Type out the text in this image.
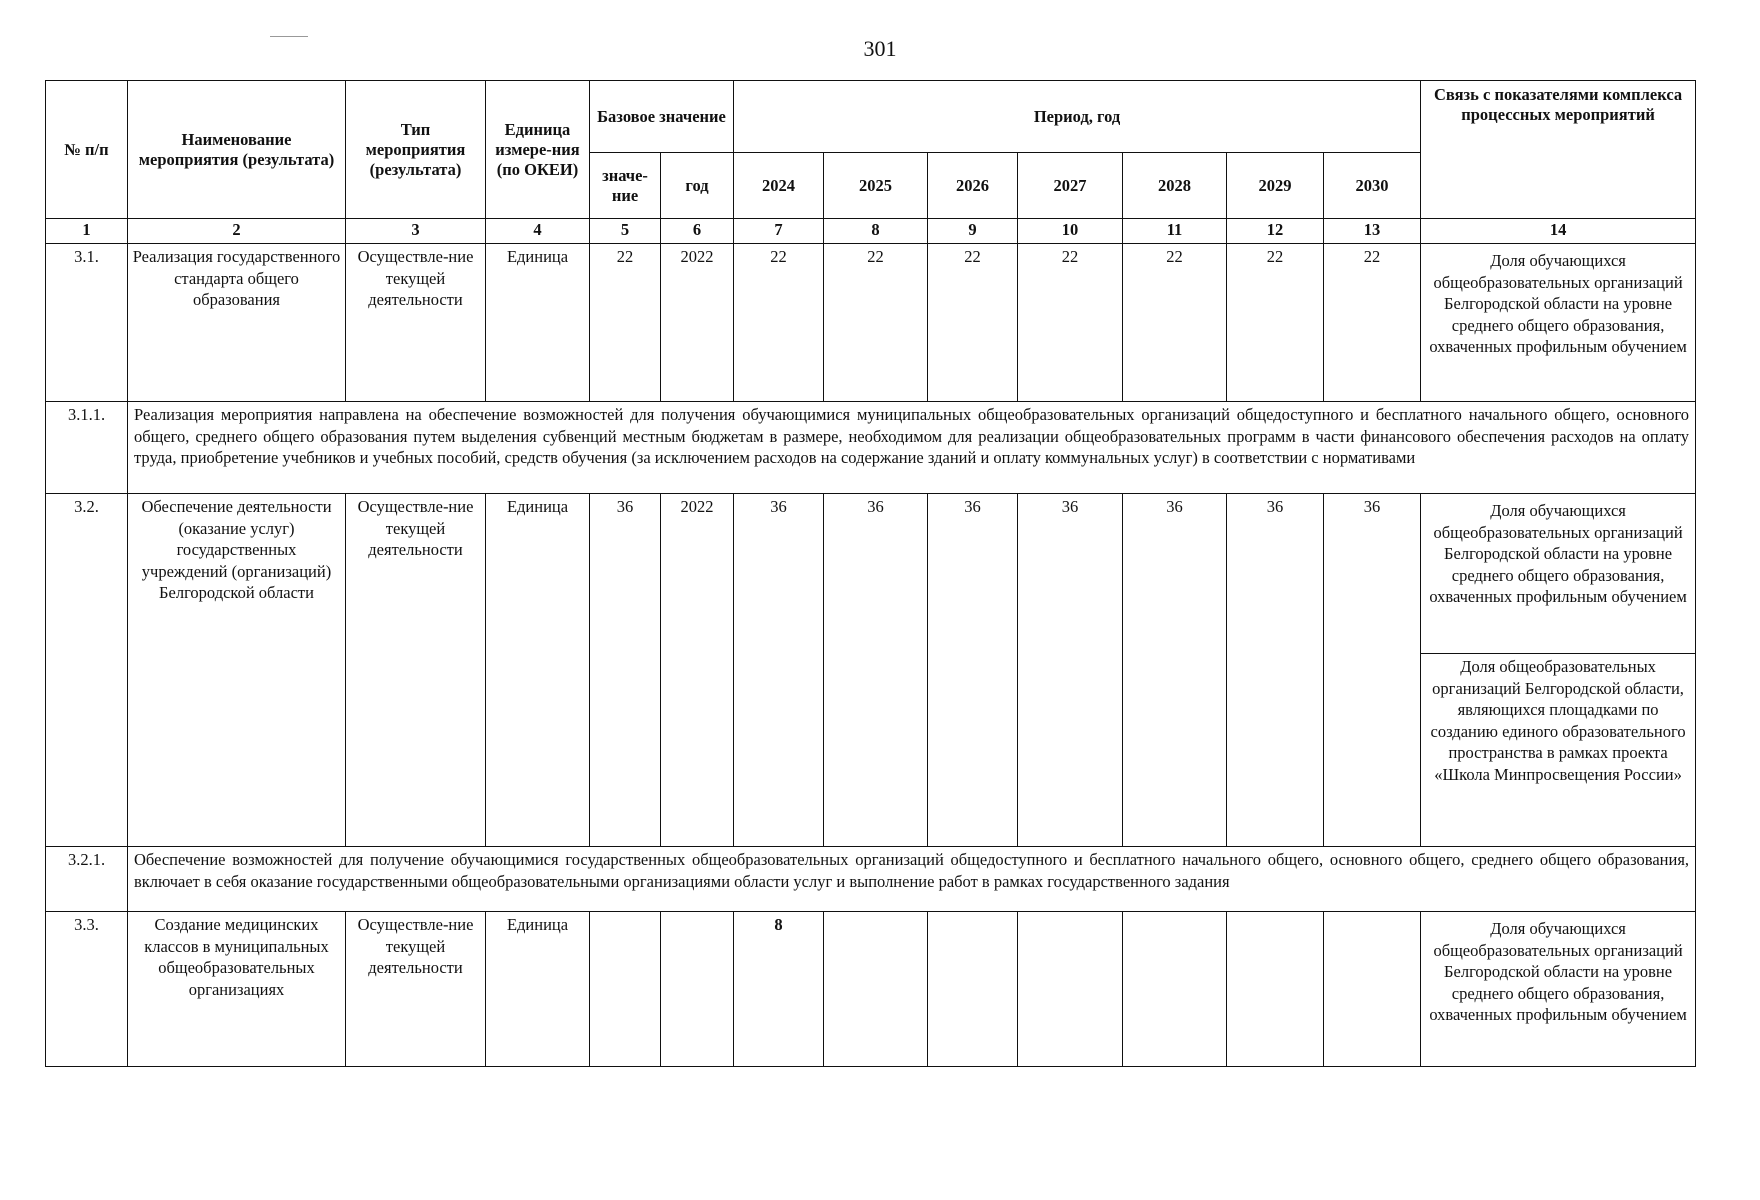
301
№ п/п	Наименование мероприятия (результата)	Тип мероприятия (результата)	Единица измере-ния (по ОКЕИ)	Базовое значение		Период, год							Связь с показателями комплекса процессных мероприятий
				значе-ние	год	2024	2025	2026	2027	2028	2029	2030	
1	2	3	4	5	6	7	8	9	10	11	12	13	14
3.1.	Реализация государственного стандарта общего образования	Осуществле-ние текущей деятельности	Единица	22	2022	22	22	22	22	22	22	22	Доля обучающихся общеобразовательных организаций Белгородской области на уровне среднего общего образования, охваченных профильным обучением
3.1.1.	Реализация мероприятия направлена на обеспечение возможностей для получения обучающимися муниципальных общеобразовательных организаций общедоступного и бесплатного начального общего, основного общего, среднего общего образования путем выделения субвенций местным бюджетам в размере, необходимом для реализации общеобразовательных программ в части финансового обеспечения расходов на оплату труда, приобретение учебников и учебных пособий, средств обучения (за исключением расходов на содержание зданий и оплату коммунальных услуг) в соответствии с нормативами												
3.2.	Обеспечение деятельности (оказание услуг) государственных учреждений (организаций) Белгородской области	Осуществле-ние текущей деятельности	Единица	36	2022	36	36	36	36	36	36	36	Доля обучающихся общеобразовательных организаций Белгородской области на уровне среднего общего образования, охваченных профильным обучением
Доля общеобразовательных организаций Белгородской области, являющихся площадками по созданию единого образовательного пространства в рамках проекта «Школа Минпросвещения России»

3.2.1.	Обеспечение возможностей для получение обучающимися государственных общеобразовательных организаций общедоступного и бесплатного начального общего, основного общего, среднего общего образования, включает в себя оказание государственными общеобразовательными организациями области услуг и выполнение работ в рамках государственного задания												
3.3.	Создание медицинских классов в муниципальных общеобразовательных организациях	Осуществле-ние текущей деятельности	Единица			8							Доля обучающихся общеобразовательных организаций Белгородской области на уровне среднего общего образования, охваченных профильным обучением
